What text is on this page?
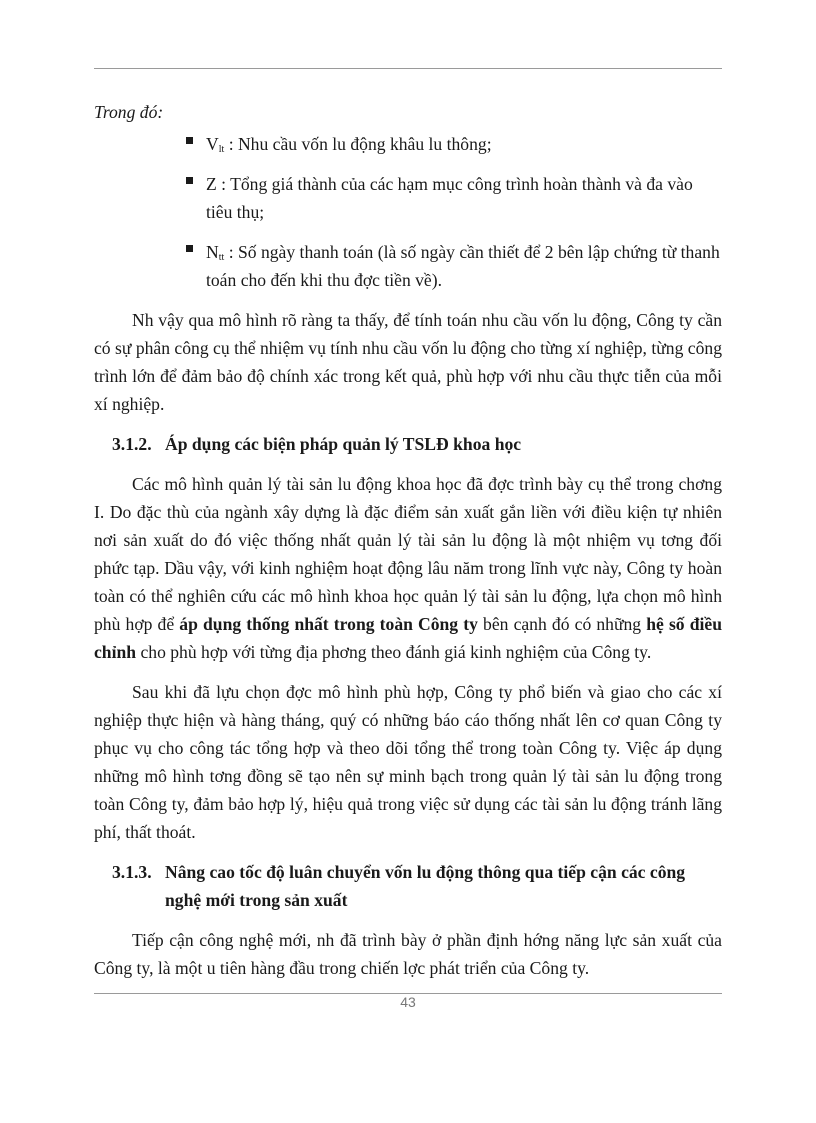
Trong đó:

$V_{lt}$ : Nhu cầu vốn lu động khâu lu thông;
Z : Tổng giá thành của các hạm mục công trình hoàn thành và đa vào tiêu thụ;
$N_{tt}$ : Số ngày thanh toán (là số ngày cần thiết để 2 bên lập chứng từ thanh toán cho đến khi thu đợc tiền về).

Nh vậy qua mô hình rõ ràng ta thấy, để tính toán nhu cầu vốn lu động, Công ty cần có sự phân công cụ thể nhiệm vụ tính nhu cầu vốn lu động cho từng xí nghiệp, từng công trình lớn để đảm bảo độ chính xác trong kết quả, phù hợp với nhu cầu thực tiễn của mỗi xí nghiệp.

3.1.2. Áp dụng các biện pháp quản lý TSLĐ khoa học

Các mô hình quản lý tài sản lu động khoa học đã đợc trình bày cụ thể trong chơng I. Do đặc thù của ngành xây dựng là đặc điểm sản xuất gắn liền với điều kiện tự nhiên nơi sản xuất do đó việc thống nhất quản lý tài sản lu động là một nhiệm vụ tơng đối phức tạp. Dầu vậy, với kinh nghiệm hoạt động lâu năm trong lĩnh vực này, Công ty hoàn toàn có thể nghiên cứu các mô hình khoa học quản lý tài sản lu động, lựa chọn mô hình phù hợp để áp dụng thống nhất trong toàn Công ty bên cạnh đó có những hệ số điều chỉnh cho phù hợp với từng địa phơng theo đánh giá kinh nghiệm của Công ty.

Sau khi đã lựu chọn đợc mô hình phù hợp, Công ty phổ biến và giao cho các xí nghiệp thực hiện và hàng tháng, quý có những báo cáo thống nhất lên cơ quan Công ty phục vụ cho công tác tổng hợp và theo dõi tổng thể trong toàn Công ty. Việc áp dụng những mô hình tơng đồng sẽ tạo nên sự minh bạch trong quản lý tài sản lu động trong toàn Công ty, đảm bảo hợp lý, hiệu quả trong việc sử dụng các tài sản lu động tránh lãng phí, thất thoát.

3.1.3. Nâng cao tốc độ luân chuyển vốn lu động thông qua tiếp cận các công nghệ mới trong sản xuất

Tiếp cận công nghệ mới, nh đã trình bày ở phần định hớng năng lực sản xuất của Công ty, là một u tiên hàng đầu trong chiến lợc phát triển của Công ty.

43
